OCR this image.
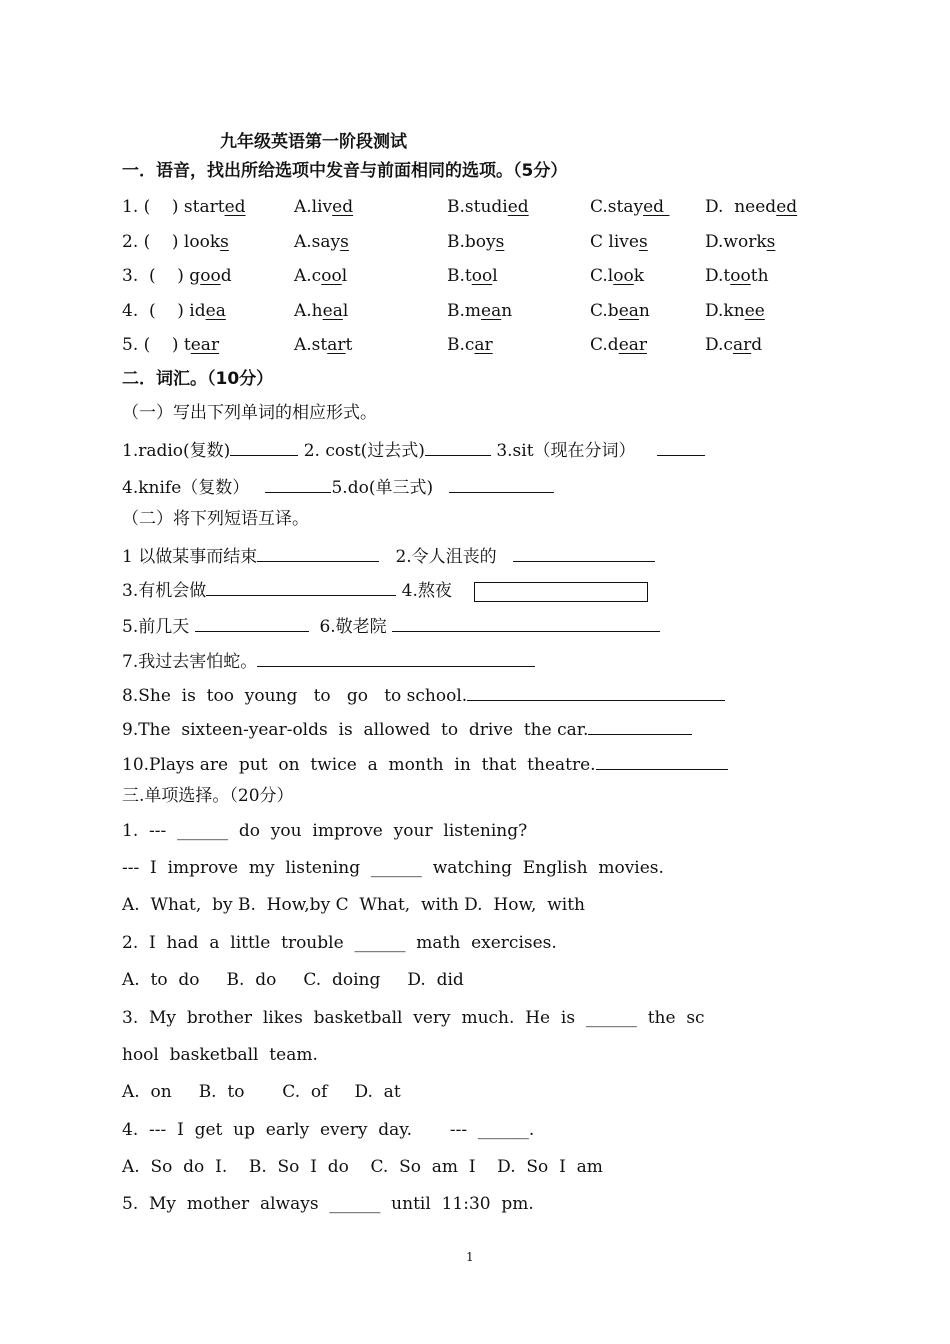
九年级英语第一阶段测试
一．语音，找出所给选项中发音与前面相同的选项。（5分）
1. (    ) started	A.lived	B.studied	C.stayed D.  needed
2. (    ) looks	A.says	B.boys	C lives	D.works
3.  (    ) good	A.cool	B.tool	C.look	D.tooth
4.  (    ) idea	A.heal	B.mean	C.bean	D.knee
5. (    ) tear	A.start	B.car	C.dear	D.card
二．词汇。（10分）
（一）写出下列单词的相应形式。
1.radio(复数)	2. cost(过去式)	3.sit（现在分词）
4.knife（复数）	5.do(单三式)
（二）将下列短语互译。
1 以做某事而结束	2.令人沮丧的
3.有机会做	4.熬夜
5.前几天	6.敬老院
7.我过去害怕蛇。
8.She  is  too  young   to   go   to school.
9.The  sixteen-year-olds  is  allowed  to  drive  the car.
10.Plays are  put  on  twice  a  month  in  that  theatre.
三.单项选择。（20分）
1.  ---  ______  do  you  improve  your  listening?
---  I  improve  my  listening  ______  watching  English  movies.
A.  What,  by B.  How,by C  What,  with D.  How,  with
2.  I  had  a  little  trouble  ______  math  exercises.
A.  to  do     B.  do     C.  doing     D.  did
3.  My  brother  likes  basketball  very  much.  He  is  ______  the  sc
hool  basketball  team.
A.  on     B.  to       C.  of     D.  at
4.  ---  I  get  up  early  every  day.       ---  ______.
A.  So  do  I.    B.  So  I  do    C.  So  am  I    D.  So  I  am
5.  My  mother  always  ______  until  11:30  pm.
1
